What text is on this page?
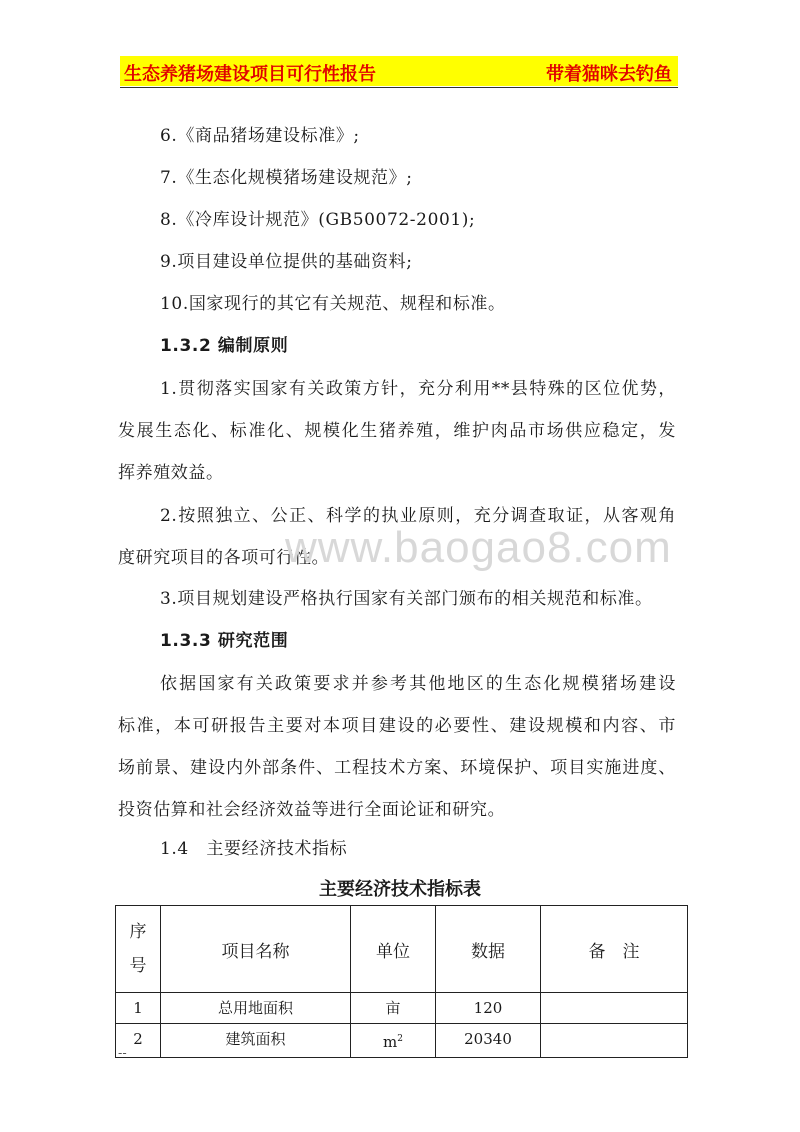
生态养猪场建设项目可行性报告	带着猫咪去钓鱼
6.《商品猪场建设标准》;
7.《生态化规模猪场建设规范》;
8.《冷库设计规范》(GB50072-2001);
9.项目建设单位提供的基础资料;
10.国家现行的其它有关规范、规程和标准。
1.3.2 编制原则
1.贯彻落实国家有关政策方针，充分利用**县特殊的区位优势，
发展生态化、标准化、规模化生猪养殖，维护肉品市场供应稳定，发
挥养殖效益。
2.按照独立、公正、科学的执业原则，充分调查取证，从客观角
度研究项目的各项可行性。
www.baogao8.com
3.项目规划建设严格执行国家有关部门颁布的相关规范和标准。
1.3.3 研究范围
依据国家有关政策要求并参考其他地区的生态化规模猪场建设
标准，本可研报告主要对本项目建设的必要性、建设规模和内容、市
场前景、建设内外部条件、工程技术方案、环境保护、项目实施进度、
投资估算和社会经济效益等进行全面论证和研究。
1.4　主要经济技术指标
主要经济技术指标表
序
号	项目名称	单位	数据	备　注
1	总用地面积	亩	120	
2	建筑面积	$m^2$	20340	
--
